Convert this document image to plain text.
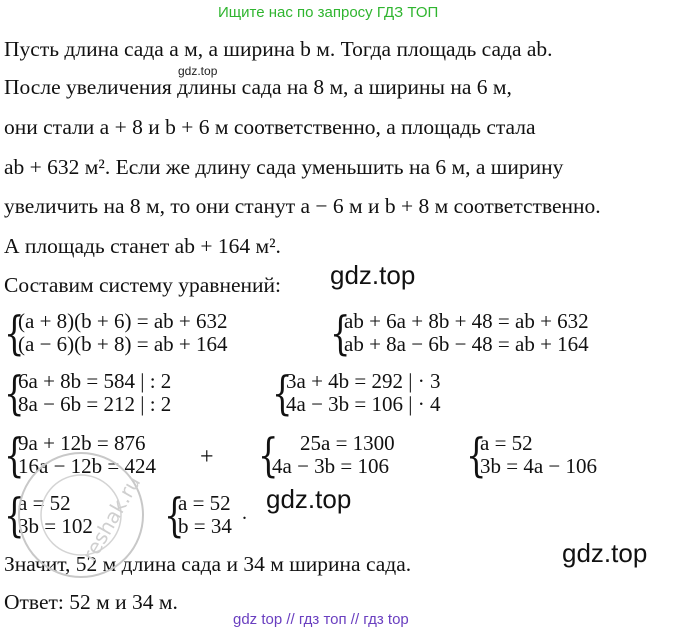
Ищите нас по запросу ГДЗ ТОП
Пусть длина сада a м, а ширина b м. Тогда площадь сада ab.
gdz.top
После увеличения длины сада на 8 м, а ширины на 6 м,
они стали a + 8 и b + 6 м соответственно, а площадь стала
ab + 632 м². Если же длину сада уменьшить на 6 м, а ширину
увеличить на 8 м, то они станут a − 6 м и b + 8 м соответственно.
А площадь станет ab + 164 м².
Составим систему уравнений: gdz.top
{
(a + 8)(b + 6) = ab + 632
(a − 6)(b + 8) = ab + 164 {
ab + 6a + 8b + 48 = ab + 632
ab + 8a − 6b − 48 = ab + 164
{
6a + 8b = 584 | : 2
8a − 6b = 212 | : 2 {
3a + 4b = 292 | · 3
4a − 3b = 106 | · 4
{
9a + 12b = 876
16a − 12b = 424 + {	25a = 1300
4a − 3b = 106 {
a = 52
3b = 4a − 106
{
a = 52
3b = 102 {
a = 52
b = 34
. gdz.top
gdz.top
Значит, 52 м длина сада и 34 м ширина сада.
Ответ: 52 м и 34 м.
reshak.ru
gdz top // гдз топ // гдз top
